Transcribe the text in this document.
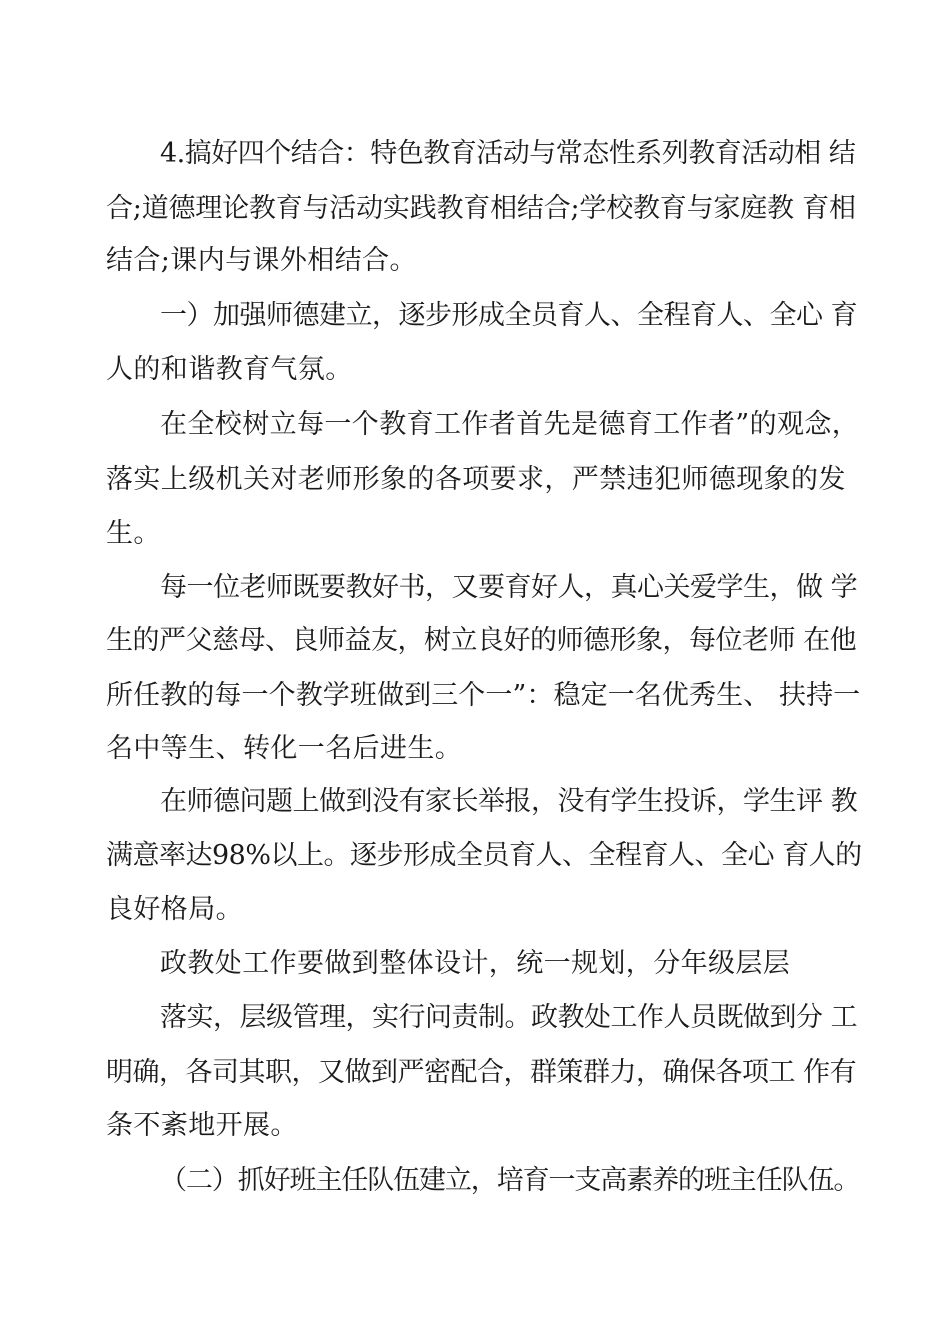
4.搞好四个结合：特色教育活动与常态性系列教育活动相 结

合;道德理论教育与活动实践教育相结合;学校教育与家庭教 育相

结合;课内与课外相结合。

一）加强师德建立，逐步形成全员育人、全程育人、全心 育

人的和谐教育气氛。

在全校树立每一个教育工作者首先是德育工作者”的观念，

落实上级机关对老师形象的各项要求，严禁违犯师德现象的发

生。

每一位老师既要教好书，又要育好人，真心关爱学生，做 学

生的严父慈母、良师益友，树立良好的师德形象，每位老师 在他

所任教的每一个教学班做到三个一”：稳定一名优秀生、 扶持一

名中等生、转化一名后进生。

在师德问题上做到没有家长举报，没有学生投诉，学生评 教

满意率达98%以上。逐步形成全员育人、全程育人、全心 育人的

良好格局。

政教处工作要做到整体设计，统一规划，分年级层层

落实，层级管理，实行问责制。政教处工作人员既做到分 工

明确，各司其职，又做到严密配合，群策群力，确保各项工 作有

条不紊地开展。

（二）抓好班主任队伍建立，培育一支高素养的班主任队伍。
